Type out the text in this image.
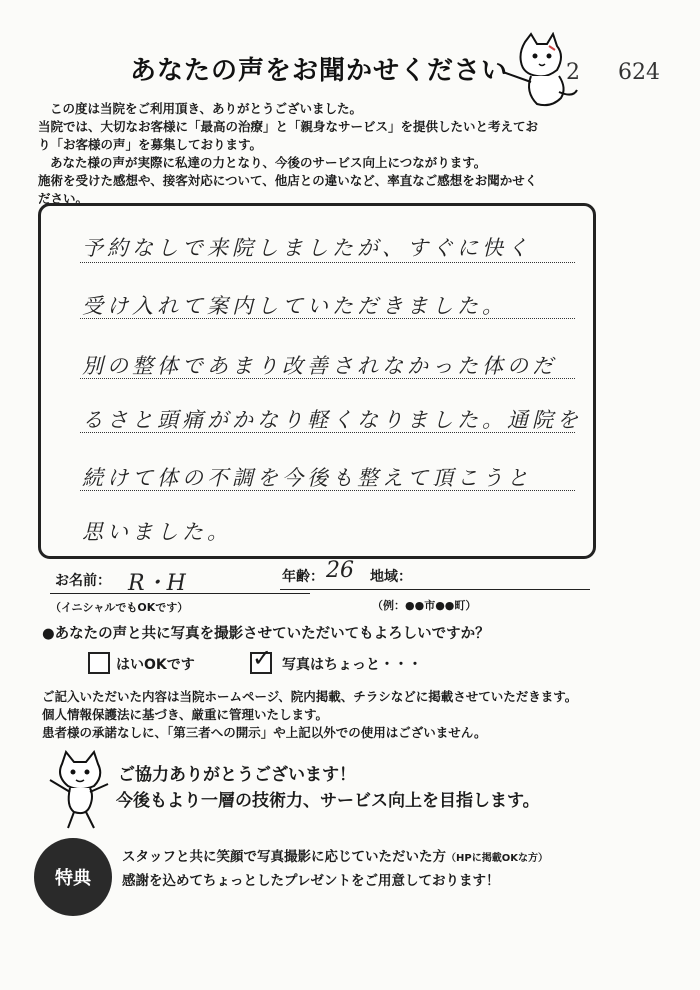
あなたの声をお聞かせください	2 624

この度は当院をご利用頂き、ありがとうございました。

当院では、大切なお客様に「最高の治療」と「親身なサービス」を提供したいと考えてお

り「お客様の声」を募集しております。

あなた様の声が実際に私達の力となり、今後のサービス向上につながります。

施術を受けた感想や、接客対応について、他店との違いなど、率直なご感想をお聞かせく

ださい。

予約なしで来院しましたが、すぐに快く
受け入れて案内していただきました。
別の整体であまり改善されなかった体のだ
るさと頭痛がかなり軽くなりました。通院を
続けて体の不調を今後も整えて頂こうと
思いました。
お名前： R・H
（イニシャルでもOKです）
年齢： 26 地域：
（例：●●市●●町）
●あなたの声と共に写真を撮影させていただいてもよろしいですか？
はいOKです ✓ 写真はちょっと・・・

ご記入いただいた内容は当院ホームページ、院内掲載、チラシなどに掲載させていただきます。

個人情報保護法に基づき、厳重に管理いたします。

患者様の承諾なしに、「第三者への開示」や上記以外での使用はございません。

ご協力ありがとうございます！

今後もより一層の技術力、サービス向上を目指します。

特典

スタッフと共に笑顔で写真撮影に応じていただいた方（HPに掲載OKな方）

感謝を込めてちょっとしたプレゼントをご用意しております！
